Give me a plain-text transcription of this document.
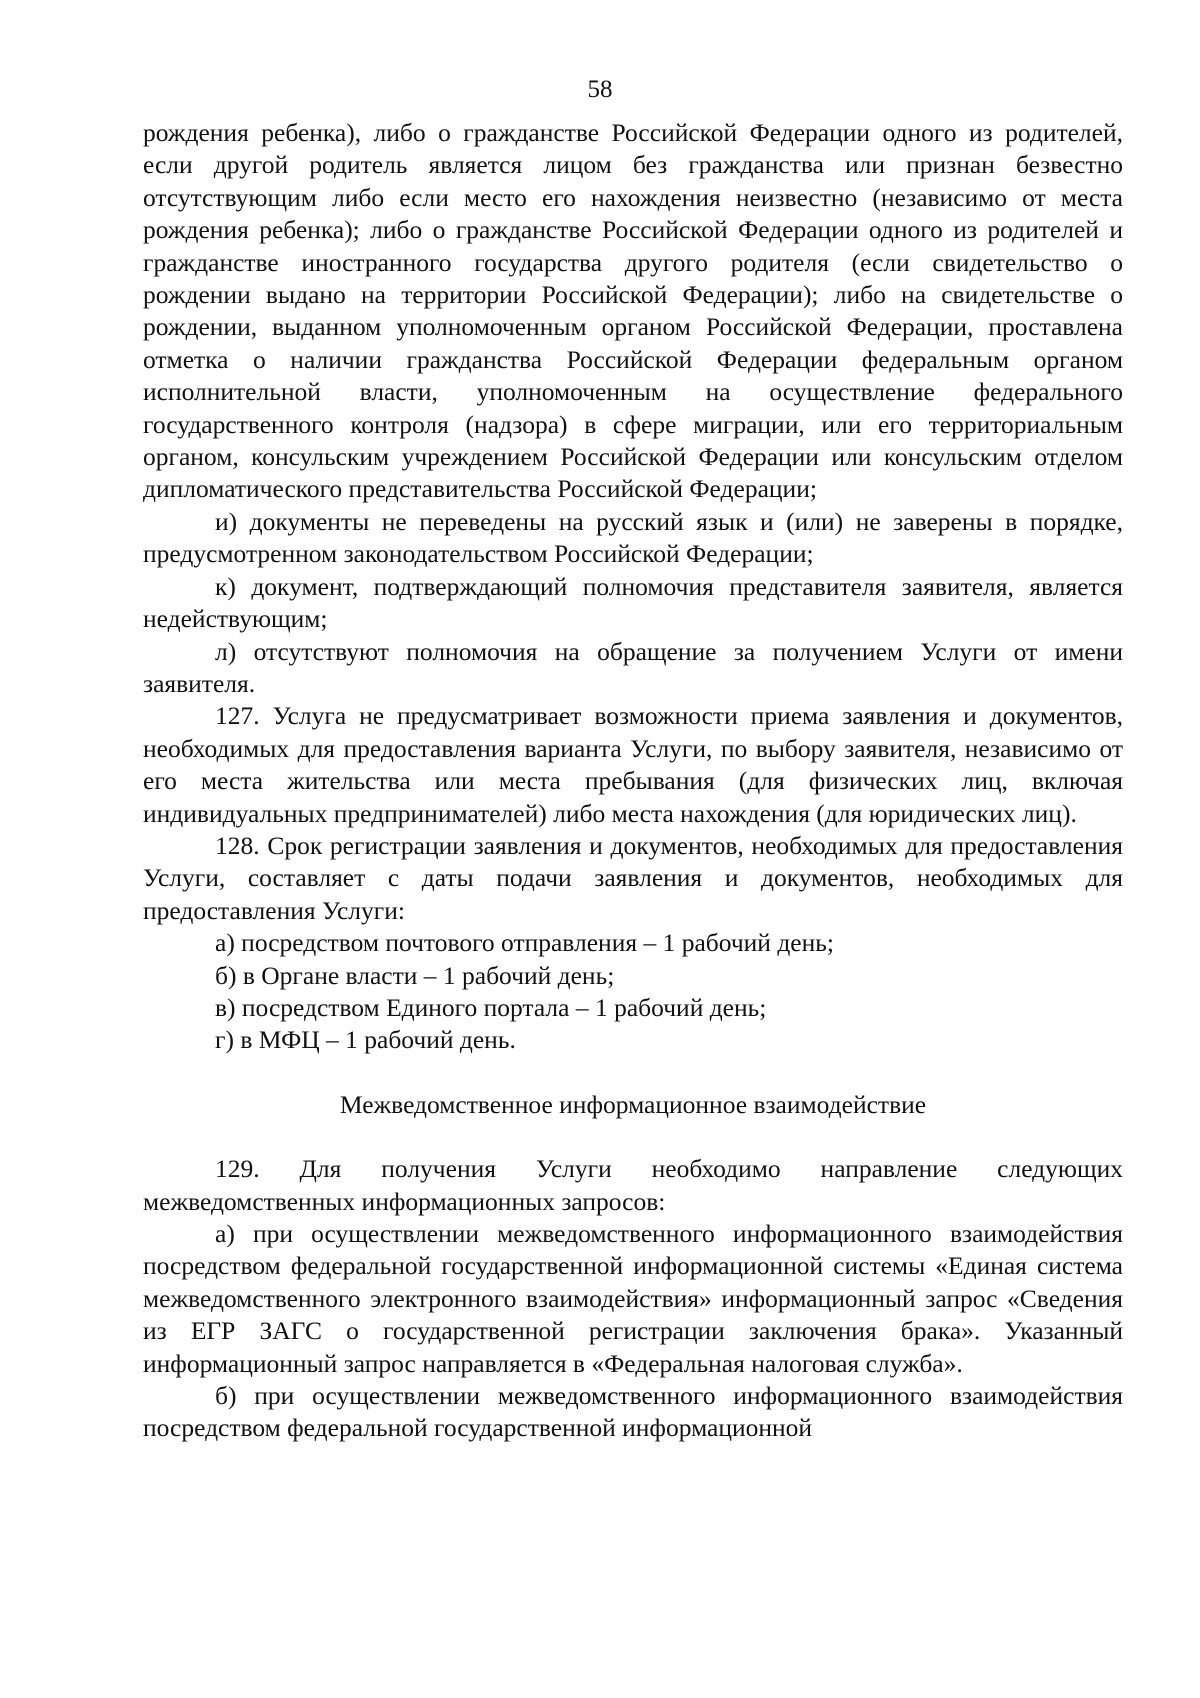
58

рождения ребенка), либо о гражданстве Российской Федерации одного из родителей, если другой родитель является лицом без гражданства или признан безвестно отсутствующим либо если место его нахождения неизвестно (независимо от места рождения ребенка); либо о гражданстве Российской Федерации одного из родителей и гражданстве иностранного государства другого родителя (если свидетельство о рождении выдано на территории Российской Федерации); либо на свидетельстве о рождении, выданном уполномоченным органом Российской Федерации, проставлена отметка о наличии гражданства Российской Федерации федеральным органом исполнительной власти, уполномоченным на осуществление федерального государственного контроля (надзора) в сфере миграции, или его территориальным органом, консульским учреждением Российской Федерации или консульским отделом дипломатического представительства Российской Федерации;

и) документы не переведены на русский язык и (или) не заверены в порядке, предусмотренном законодательством Российской Федерации;

к) документ, подтверждающий полномочия представителя заявителя, является недействующим;

л) отсутствуют полномочия на обращение за получением Услуги от имени заявителя.

127. Услуга не предусматривает возможности приема заявления и документов, необходимых для предоставления варианта Услуги, по выбору заявителя, независимо от его места жительства или места пребывания (для физических лиц, включая индивидуальных предпринимателей) либо места нахождения (для юридических лиц).

128. Срок регистрации заявления и документов, необходимых для предоставления Услуги, составляет с даты подачи заявления и документов, необходимых для предоставления Услуги:

а) посредством почтового отправления – 1 рабочий день;

б) в Органе власти – 1 рабочий день;

в) посредством Единого портала – 1 рабочий день;

г) в МФЦ – 1 рабочий день.

Межведомственное информационное взаимодействие

129. Для получения Услуги необходимо направление следующих межведомственных информационных запросов:

а) при осуществлении межведомственного информационного взаимодействия посредством федеральной государственной информационной системы «Единая система межведомственного электронного взаимодействия» информационный запрос «Сведения из ЕГР ЗАГС о государственной регистрации заключения брака». Указанный информационный запрос направляется в «Федеральная налоговая служба».

б) при осуществлении межведомственного информационного взаимодействия посредством федеральной государственной информационной
